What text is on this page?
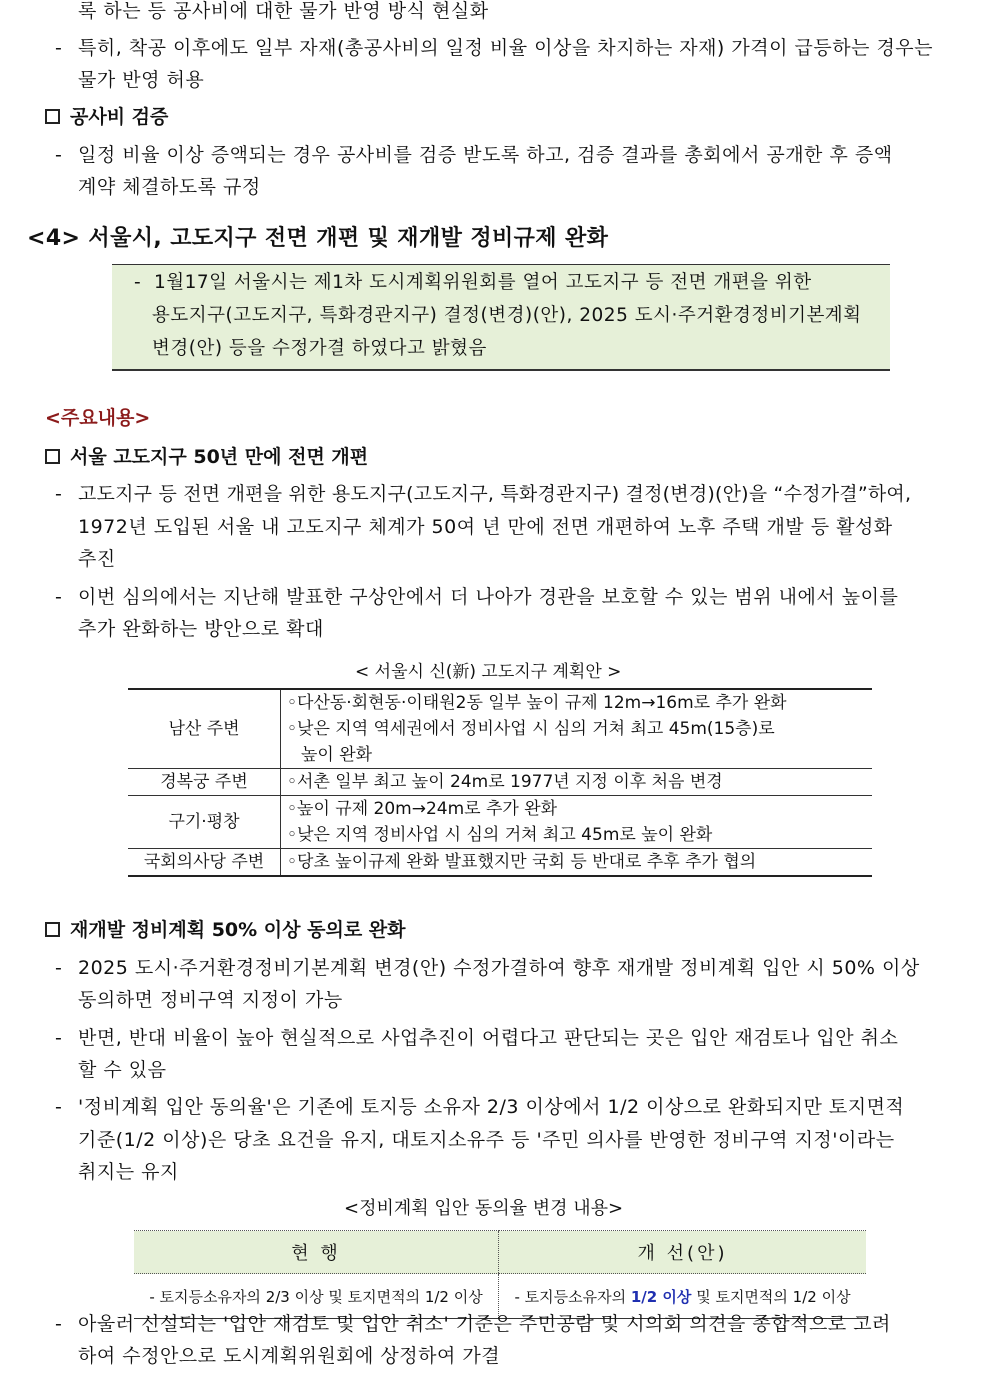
록 하는 등 공사비에 대한 물가 반영 방식 현실화
- 특히, 착공 이후에도 일부 자재(총공사비의 일정 비율 이상을 차지하는 자재) 가격이 급등하는 경우는
물가 반영 허용
공사비 검증
- 일정 비율 이상 증액되는 경우 공사비를 검증 받도록 하고, 검증 결과를 총회에서 공개한 후 증액
계약 체결하도록 규정
<4> 서울시, 고도지구 전면 개편 및 재개발 정비규제 완화
- 1월17일 서울시는 제1차 도시계획위원회를 열어 고도지구 등 전면 개편을 위한
용도지구(고도지구, 특화경관지구) 결정(변경)(안), 2025 도시·주거환경정비기본계획
변경(안) 등을 수정가결 하였다고 밝혔음
<주요내용>
서울 고도지구 50년 만에 전면 개편
- 고도지구 등 전면 개편을 위한 용도지구(고도지구, 특화경관지구) 결정(변경)(안)을 “수정가결”하여,
1972년 도입된 서울 내 고도지구 체계가 50여 년 만에 전면 개편하여 노후 주택 개발 등 활성화
추진
- 이번 심의에서는 지난해 발표한 구상안에서 더 나아가 경관을 보호할 수 있는 범위 내에서 높이를
추가 완화하는 방안으로 확대
< 서울시 신(新) 고도지구 계획안 >
남산 주변	◦다산동·회현동·이태원2동 일부 높이 규제 12m→16m로 추가 완화
◦낮은 지역 역세권에서 정비사업 시 심의 거쳐 최고 45m(15층)로
높이 완화

경복궁 주변	◦서촌 일부 최고 높이 24m로 1977년 지정 이후 처음 변경

구기·평창	◦높이 규제 20m→24m로 추가 완화
◦낮은 지역 정비사업 시 심의 거쳐 최고 45m로 높이 완화

국회의사당 주변	◦당초 높이규제 완화 발표했지만 국회 등 반대로 추후 추가 협의
재개발 정비계획 50% 이상 동의로 완화
- 2025 도시·주거환경정비기본계획 변경(안) 수정가결하여 향후 재개발 정비계획 입안 시 50% 이상
동의하면 정비구역 지정이 가능
- 반면, 반대 비율이 높아 현실적으로 사업추진이 어렵다고 판단되는 곳은 입안 재검토나 입안 취소
할 수 있음
- '정비계획 입안 동의율'은 기존에 토지등 소유자 2/3 이상에서 1/2 이상으로 완화되지만 토지면적
기준(1/2 이상)은 당초 요건을 유지, 대토지소유주 등 '주민 의사를 반영한 정비구역 지정'이라는
취지는 유지
<정비계획 입안 동의율 변경 내용>
현 행	개 선(안)
- 토지등소유자의 2/3 이상 및 토지면적의 1/2 이상	- 토지등소유자의 1/2 이상 및 토지면적의 1/2 이상
- 아울러 신설되는 '입안 재검토 및 입안 취소' 기준은 주민공람 및 시의회 의견을 종합적으로 고려
하여 수정안으로 도시계획위원회에 상정하여 가결
